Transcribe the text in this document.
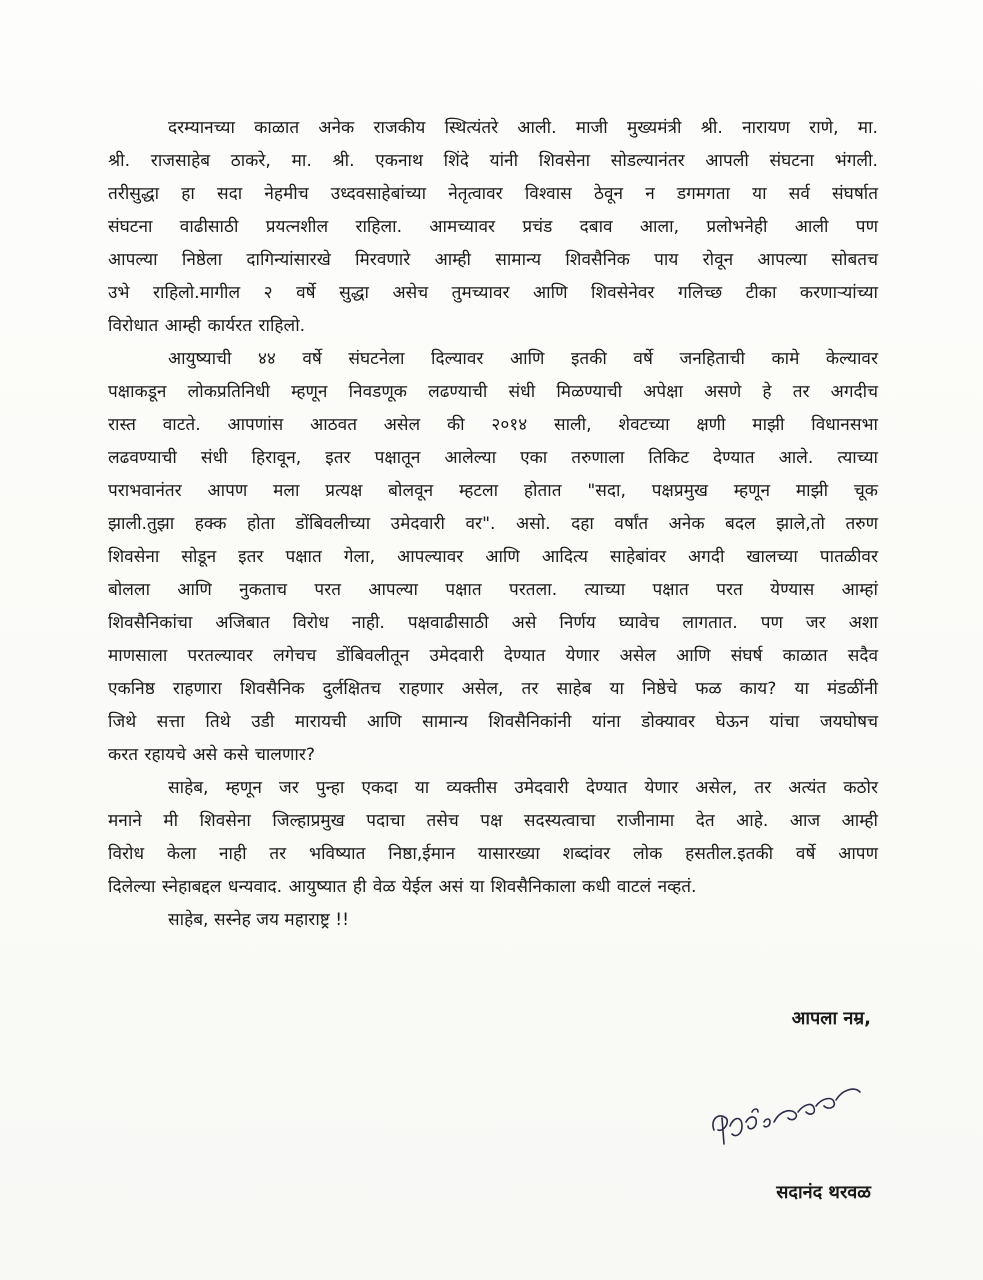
दरम्यानच्या काळात अनेक राजकीय स्थित्यंतरे आली. माजी मुख्यमंत्री श्री. नारायण राणे, मा.
श्री. राजसाहेब ठाकरे, मा. श्री. एकनाथ शिंदे यांनी शिवसेना सोडल्यानंतर आपली संघटना भंगली.
तरीसुद्धा हा सदा नेहमीच उध्दवसाहेबांच्या नेतृत्वावर विश्वास ठेवून न डगमगता या सर्व संघर्षात
संघटना वाढीसाठी प्रयत्नशील राहिला. आमच्यावर प्रचंड दबाव आला, प्रलोभनेही आली पण
आपल्या निष्ठेला दागिन्यांसारखे मिरवणारे आम्ही सामान्य शिवसैनिक पाय रोवून आपल्या सोबतच
उभे राहिलो.मागील २ वर्षे सुद्धा असेच तुमच्यावर आणि शिवसेनेवर गलिच्छ टीका करणाऱ्यांच्या
विरोधात आम्ही कार्यरत राहिलो.

आयुष्याची ४४ वर्षे संघटनेला दिल्यावर आणि इतकी वर्षे जनहिताची कामे केल्यावर
पक्षाकडून लोकप्रतिनिधी म्हणून निवडणूक लढण्याची संधी मिळण्याची अपेक्षा असणे हे तर अगदीच
रास्त वाटते. आपणांस आठवत असेल की २०१४ साली, शेवटच्या क्षणी माझी विधानसभा
लढवण्याची संधी हिरावून, इतर पक्षातून आलेल्या एका तरुणाला तिकिट देण्यात आले. त्याच्या
पराभवानंतर आपण मला प्रत्यक्ष बोलवून म्हटला होतात "सदा, पक्षप्रमुख म्हणून माझी चूक
झाली.तुझा हक्क होता डोंबिवलीच्या उमेदवारी वर". असो. दहा वर्षांत अनेक बदल झाले,तो तरुण
शिवसेना सोडून इतर पक्षात गेला, आपल्यावर आणि आदित्य साहेबांवर अगदी खालच्या पातळीवर
बोलला आणि नुकताच परत आपल्या पक्षात परतला. त्याच्या पक्षात परत येण्यास आम्हां
शिवसैनिकांचा अजिबात विरोध नाही. पक्षवाढीसाठी असे निर्णय घ्यावेच लागतात. पण जर अशा
माणसाला परतल्यावर लगेचच डोंबिवलीतून उमेदवारी देण्यात येणार असेल आणि संघर्ष काळात सदैव
एकनिष्ठ राहणारा शिवसैनिक दुर्लक्षितच राहणार असेल, तर साहेब या निष्ठेचे फळ काय? या मंडळींनी
जिथे सत्ता तिथे उडी मारायची आणि सामान्य शिवसैनिकांनी यांना डोक्यावर घेऊन यांचा जयघोषच
करत रहायचे असे कसे चालणार?

साहेब, म्हणून जर पुन्हा एकदा या व्यक्तीस उमेदवारी देण्यात येणार असेल, तर अत्यंत कठोर
मनाने मी शिवसेना जिल्हाप्रमुख पदाचा तसेच पक्ष सदस्यत्वाचा राजीनामा देत आहे. आज आम्ही
विरोध केला नाही तर भविष्यात निष्ठा,ईमान यासारख्या शब्दांवर लोक हसतील.इतकी वर्षे आपण
दिलेल्या स्नेहाबद्दल धन्यवाद. आयुष्यात ही वेळ येईल असं या शिवसैनिकाला कधी वाटलं नव्हतं.

साहेब, सस्नेह जय महाराष्ट्र !!

आपला नम्र,
सदानंद थरवळ
